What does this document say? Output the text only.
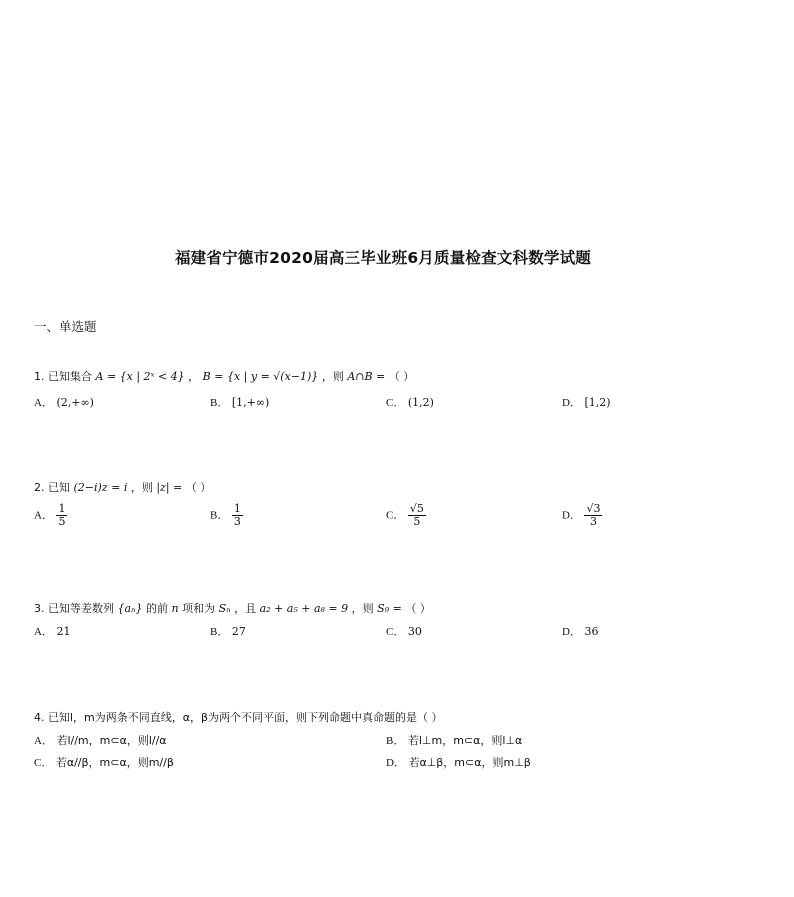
福建省宁德市2020届高三毕业班6月质量检查文科数学试题
一、单选题
1. 已知集合 A = {x | 2ˣ < 4} ， B = {x | y = √(x−1)} ，则 A∩B = （ ）
A． (2,+∞)	B． [1,+∞)	C． (1,2)	D． [1,2)
2. 已知 (2−i)z = i ，则 |z| = （ ）
A． $\frac{1}{5}$	B． $\frac{1}{3}$	C． $\frac{√5}{5}$	D． $\frac{√3}{3}$
3. 已知等差数列 {aₙ} 的前 n 项和为 Sₙ ，且 a₂ + a₅ + a₈ = 9 ，则 S₉ = （ ）
A． 21	B． 27	C． 30	D． 36
4. 已知l，m为两条不同直线，α，β为两个不同平面，则下列命题中真命题的是（ ）
A． 若l//m，m⊂α，则l//α	B． 若l⊥m，m⊂α，则l⊥α
C． 若α//β，m⊂α，则m//β	D． 若α⊥β，m⊂α，则m⊥β
